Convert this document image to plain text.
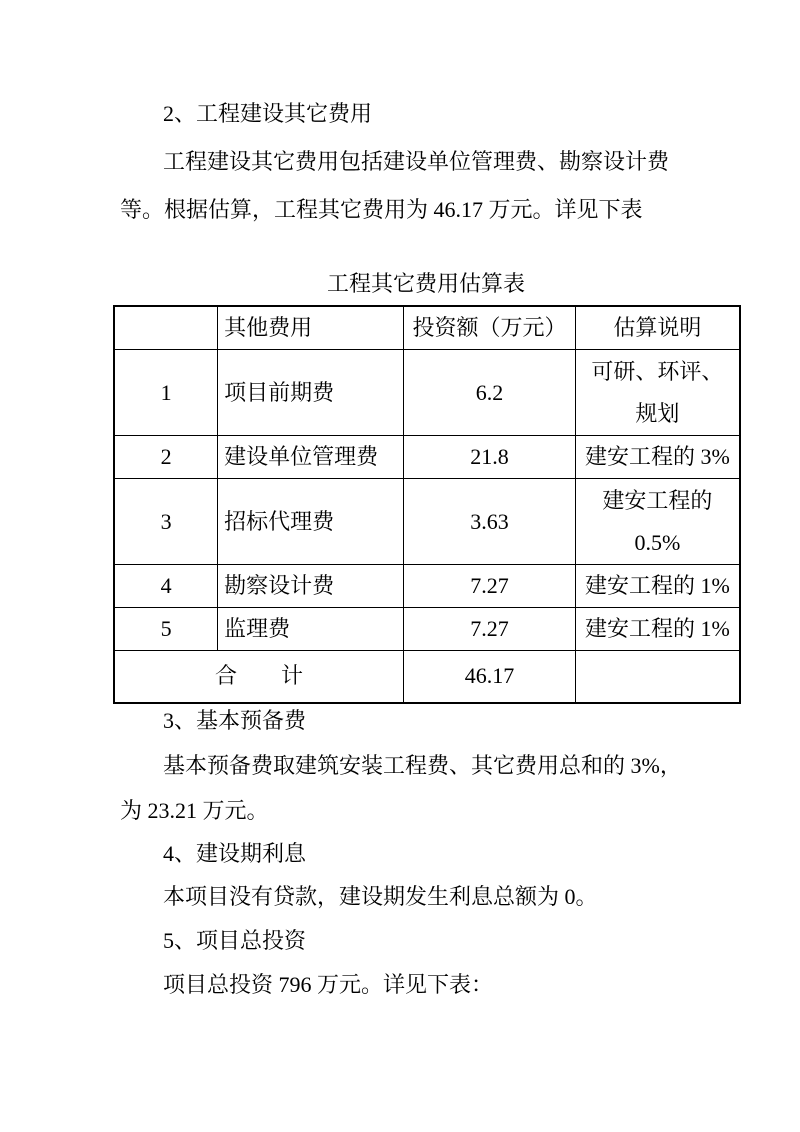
2、工程建设其它费用
工程建设其它费用包括建设单位管理费、勘察设计费
等。根据估算，工程其它费用为 46.17 万元。详见下表
工程其它费用估算表
	其他费用	投资额（万元）	估算说明
1	项目前期费	6.2	可研、环评、规划
2	建设单位管理费	21.8	建安工程的 3%
3	招标代理费	3.63	建安工程的 0.5%
4	勘察设计费	7.27	建安工程的 1%
5	监理费	7.27	建安工程的 1%
合　　计		46.17	
3、基本预备费
基本预备费取建筑安装工程费、其它费用总和的 3%，
为 23.21 万元。
4、建设期利息
本项目没有贷款，建设期发生利息总额为 0。
5、项目总投资
项目总投资 796 万元。详见下表：
